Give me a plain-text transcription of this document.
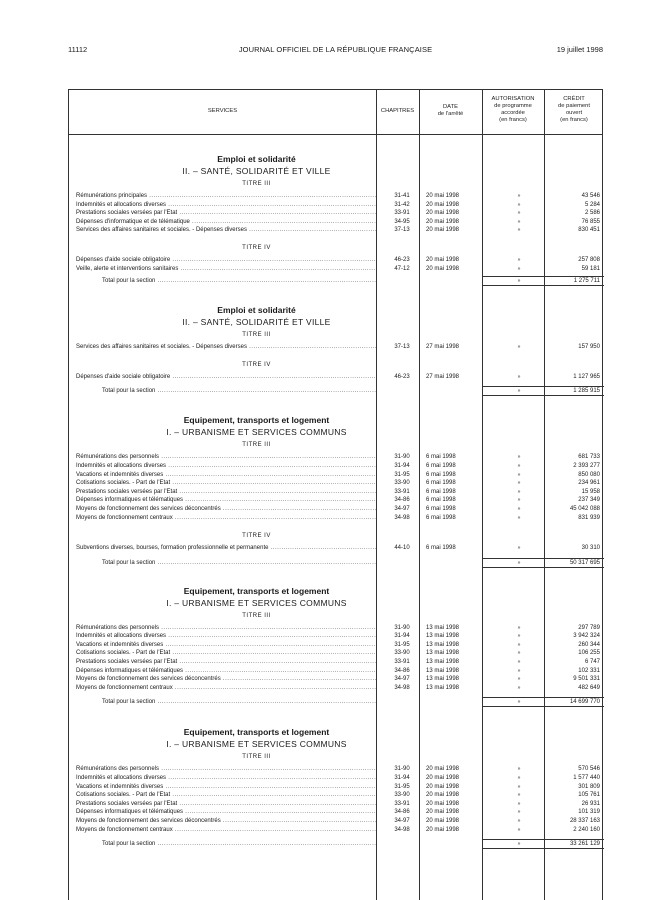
11112	JOURNAL OFFICIEL DE LA RÉPUBLIQUE FRANÇAISE	19 juillet 1998
SERVICES	CHAPITRES
DATE
de l'arrêté
AUTORISATION
de programme
accordée
(en francs)
CRÉDIT
de paiement
ouvert
(en francs)
Emploi et solidarité
II. – SANTÉ, SOLIDARITÉ ET VILLE
TITRE III
Rémunérations principales .....	31-41	20 mai 1998	»	43 546
Indemnités et allocations diverses .....	31-42	20 mai 1998	»	5 284
Prestations sociales versées par l'Etat .....	33-91	20 mai 1998	»	2 586
Dépenses d'informatique et de télématique .....	34-95	20 mai 1998	»	76 855
Services des affaires sanitaires et sociales. - Dépenses diverses .....	37-13	20 mai 1998	»	830 451
TITRE IV
Dépenses d'aide sociale obligatoire .....	46-23	20 mai 1998	»	257 808
Veille, alerte et interventions sanitaires .....	47-12	20 mai 1998	»	59 181
Total pour la section .....	»	1 275 711
Emploi et solidarité
II. – SANTÉ, SOLIDARITÉ ET VILLE
TITRE III
Services des affaires sanitaires et sociales. - Dépenses diverses .....	37-13	27 mai 1998	»	157 950
TITRE IV
Dépenses d'aide sociale obligatoire .....	46-23	27 mai 1998	»	1 127 965
Total pour la section .....	»	1 285 915
Equipement, transports et logement
I. – URBANISME ET SERVICES COMMUNS
TITRE III
Rémunérations des personnels .....	31-90	6 mai 1998	»	681 733
Indemnités et allocations diverses .....	31-94	6 mai 1998	»	2 393 277
Vacations et indemnités diverses .....	31-95	6 mai 1998	»	850 080
Cotisations sociales. - Part de l'Etat .....	33-90	6 mai 1998	»	234 961
Prestations sociales versées par l'Etat .....	33-91	6 mai 1998	»	15 958
Dépenses informatiques et télématiques .....	34-86	6 mai 1998	»	237 349
Moyens de fonctionnement des services déconcentrés .....	34-97	6 mai 1998	»	45 042 088
Moyens de fonctionnement centraux .....	34-98	6 mai 1998	»	831 939
TITRE IV
Subventions diverses, bourses, formation professionnelle et permanente .....	44-10	6 mai 1998	»	30 310
Total pour la section .....	»	50 317 695
Equipement, transports et logement
I. – URBANISME ET SERVICES COMMUNS
TITRE III
Rémunérations des personnels .....	31-90	13 mai 1998	»	297 789
Indemnités et allocations diverses .....	31-94	13 mai 1998	»	3 942 324
Vacations et indemnités diverses .....	31-95	13 mai 1998	»	260 344
Cotisations sociales. - Part de l'Etat .....	33-90	13 mai 1998	»	106 255
Prestations sociales versées par l'Etat .....	33-91	13 mai 1998	»	6 747
Dépenses informatiques et télématiques .....	34-86	13 mai 1998	»	102 331
Moyens de fonctionnement des services déconcentrés .....	34-97	13 mai 1998	»	9 501 331
Moyens de fonctionnement centraux .....	34-98	13 mai 1998	»	482 649
Total pour la section .....	»	14 699 770
Equipement, transports et logement
I. – URBANISME ET SERVICES COMMUNS
TITRE III
Rémunérations des personnels .....	31-90	20 mai 1998	»	570 546
Indemnités et allocations diverses .....	31-94	20 mai 1998	»	1 577 440
Vacations et indemnités diverses .....	31-95	20 mai 1998	»	301 809
Cotisations sociales. - Part de l'Etat .....	33-90	20 mai 1998	»	105 761
Prestations sociales versées par l'Etat .....	33-91	20 mai 1998	»	26 931
Dépenses informatiques et télématiques .....	34-86	20 mai 1998	»	101 319
Moyens de fonctionnement des services déconcentrés .....	34-97	20 mai 1998	»	28 337 163
Moyens de fonctionnement centraux .....	34-98	20 mai 1998	»	2 240 160
Total pour la section .....	»	33 261 129
